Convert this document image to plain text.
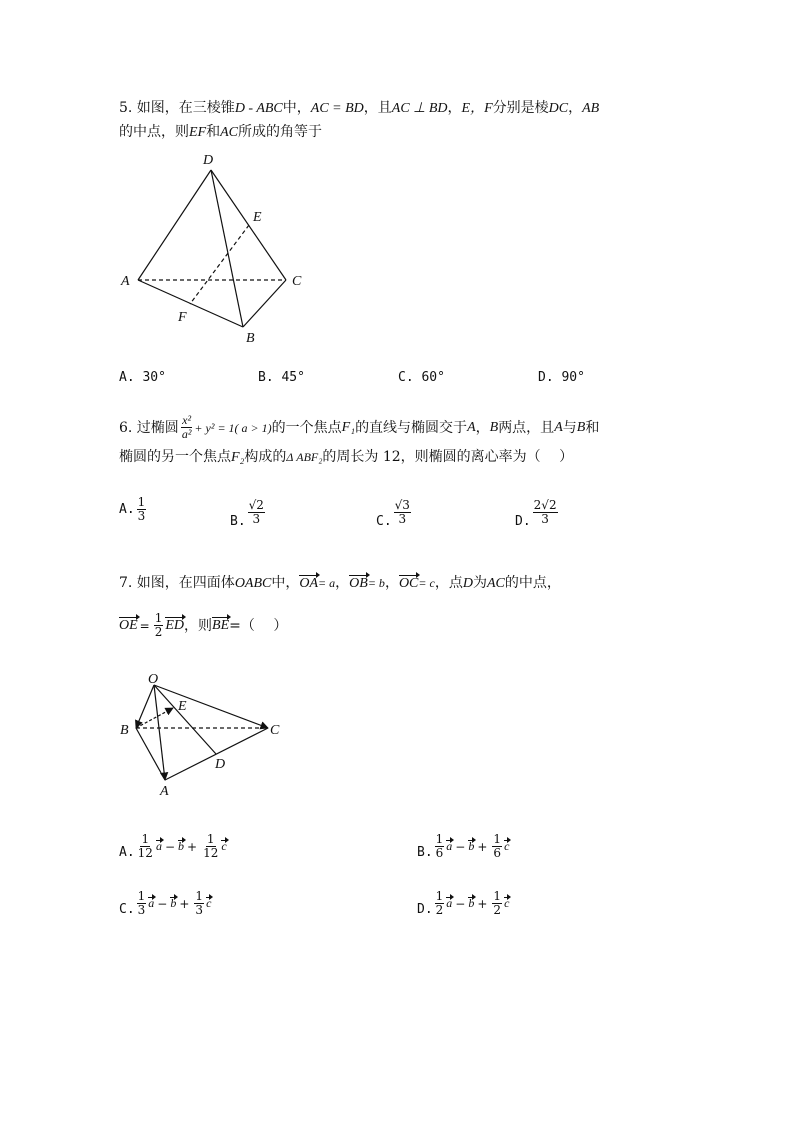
5. 如图，在三棱锥D - ABC中，AC = BD，且AC ⊥ BD，E，F分别是棱DC，AB
的中点，则EF和AC所成的角等于
D
E
A	C
F
B
A. 30°	B. 45°	C. 60°	D. 90°
6. 过椭圆 $\frac{\text{x²}}{\text{a²}} + y^2 = 1$( a > 1) 的一个焦点 F₁ 的直线与椭圆交于 A ， B 两点，且 A 与 B 和
椭圆的另一个焦点F₂构成的Δ ABF₂的周长为 12，则椭圆的离心率为（　 ）
A. $\frac{1}{3}$	B. $\frac{√2}{3}$	C. $\frac{√3}{3}$	D. $\frac{2√2}{3}$
7. 如图，在四面体OABC中，OA= a，OB= b，OC= c，点D为AC的中点，
OE = $\frac{1}{2}$ ED ，则 BE =（　 ）
O
E
B	C
D
A
A. $\frac{1}{12}$ $a - b + \frac{1}{12}$ c	B. $\frac{1}{6}$ $a - b + \frac{1}{6}$ c
C. $\frac{1}{3}$ $a - b + \frac{1}{3}$ c	D. $\frac{1}{2}$ $a - b + \frac{1}{2}$ c
